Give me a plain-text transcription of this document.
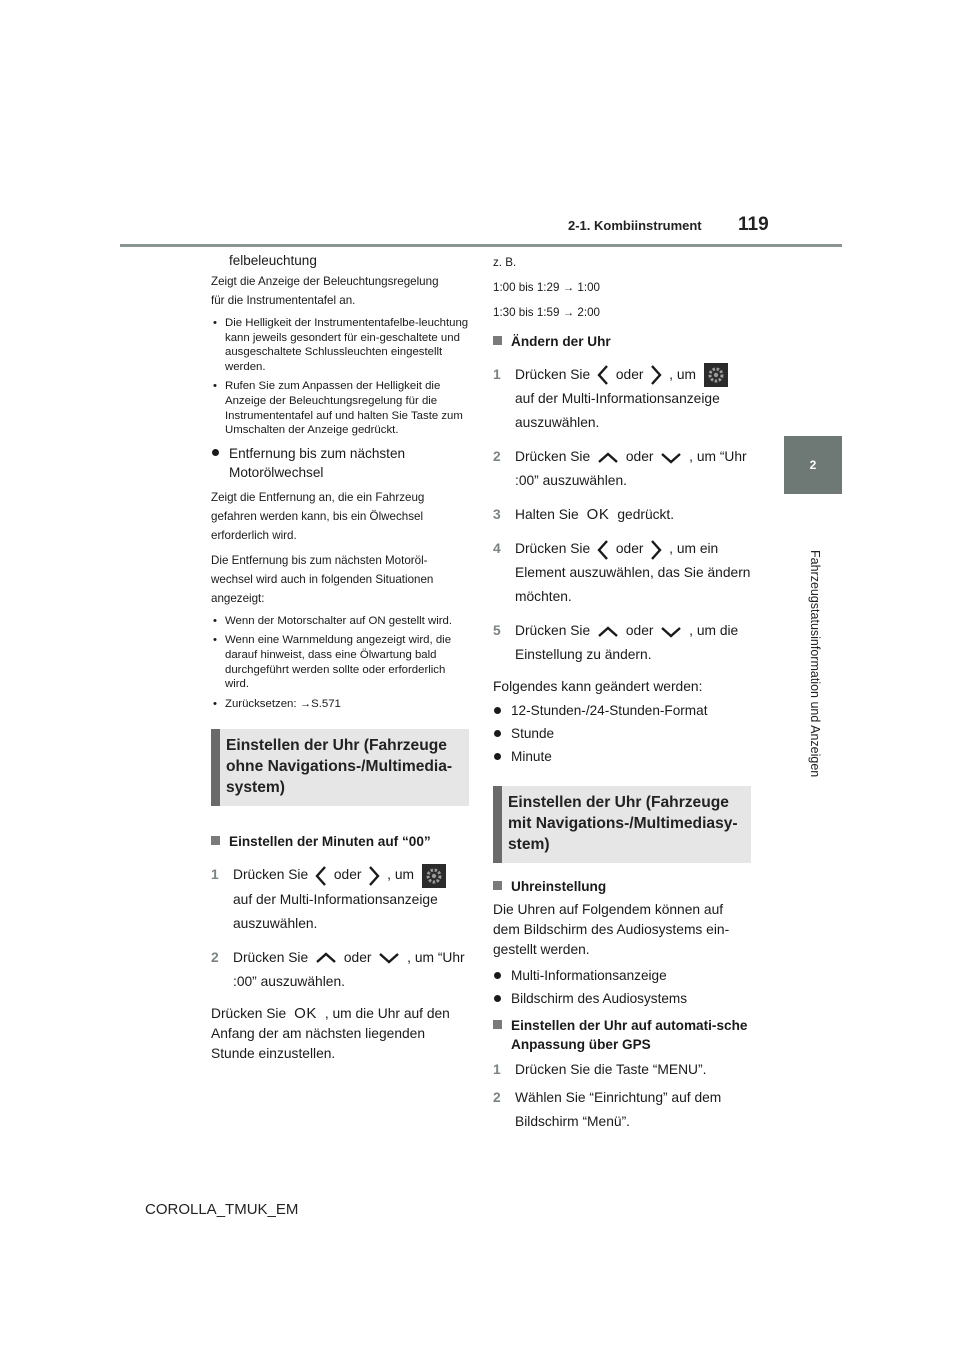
2-1. Kombiinstrument 119
2
Fahrzeugstatusinformation und Anzeigen

felbeleuchtung

Zeigt die Anzeige der Beleuchtungsregelung

für die Instrumententafel an.

• Die Helligkeit der Instrumententafelbe-leuchtung kann jeweils gesondert für ein-geschaltete und ausgeschaltete Schlussleuchten eingestellt werden.
• Rufen Sie zum Anpassen der Helligkeit die Anzeige der Beleuchtungsregelung für die Instrumententafel auf und halten Sie Taste zum Umschalten der Anzeige gedrückt.
Entfernung bis zum nächsten Motorölwechsel

Zeigt die Entfernung an, die ein Fahrzeug

gefahren werden kann, bis ein Ölwechsel

erforderlich wird.

Die Entfernung bis zum nächsten Motoröl-

wechsel wird auch in folgenden Situationen

angezeigt:

• Wenn der Motorschalter auf ON gestellt wird.
• Wenn eine Warnmeldung angezeigt wird, die darauf hinweist, dass eine Ölwartung bald durchgeführt werden sollte oder erforderlich wird.
• Zurücksetzen: →S.571
Einstellen der Uhr (Fahrzeuge ohne Navigations-/Multimedia-system)
Einstellen der Minuten auf “00”
1 Drücken Sie oder , um
auf der Multi-Informationsanzeige auszuwählen.
2 Drücken Sie	oder	, um “Uhr :00” auszuwählen.
Drücken Sie OK , um die Uhr auf den Anfang der am nächsten liegenden Stunde einzustellen.

z. B.

1:00 bis 1:29 → 1:00

1:30 bis 1:59 → 2:00

Ändern der Uhr
1 Drücken Sie oder , um
auf der Multi-Informationsanzeige auszuwählen.
2 Drücken Sie	oder	, um “Uhr :00” auszuwählen.
3 Halten Sie OK gedrückt.
4 Drücken Sie oder , um ein Element auszuwählen, das Sie ändern möchten.
5 Drücken Sie	oder	, um die Einstellung zu ändern.

Folgendes kann geändert werden:

12-Stunden-/24-Stunden-Format
Stunde
Minute
Einstellen der Uhr (Fahrzeuge mit Navigations-/Multimediasy-stem)
Uhreinstellung

Die Uhren auf Folgendem können auf dem Bildschirm des Audiosystems ein-gestellt werden.

Multi-Informationsanzeige
Bildschirm des Audiosystems
Einstellen der Uhr auf automati-sche Anpassung über GPS
1 Drücken Sie die Taste “MENU”.
2 Wählen Sie “Einrichtung” auf dem Bildschirm “Menü”.
COROLLA_TMUK_EM
